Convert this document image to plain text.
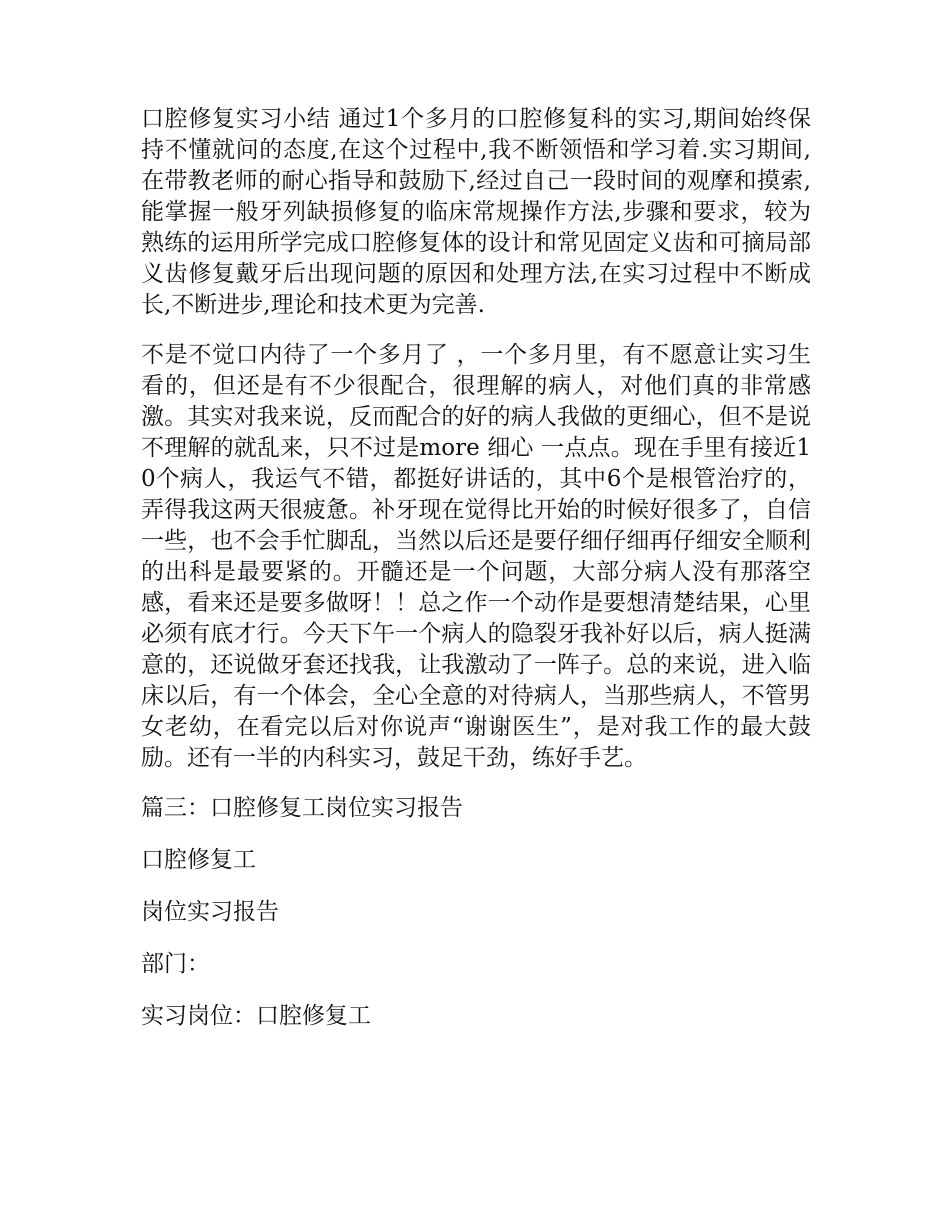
口腔修复实习小结 通过1个多月的口腔修复科的实习,期间始终保持不懂就问的态度,在这个过程中,我不断领悟和学习着.实习期间,在带教老师的耐心指导和鼓励下,经过自己一段时间的观摩和摸索,能掌握一般牙列缺损修复的临床常规操作方法,步骤和要求，较为熟练的运用所学完成口腔修复体的设计和常见固定义齿和可摘局部义齿修复戴牙后出现问题的原因和处理方法,在实习过程中不断成长,不断进步,理论和技术更为完善.

不是不觉口内待了一个多月了 ，一个多月里，有不愿意让实习生看的，但还是有不少很配合，很理解的病人，对他们真的非常感激。其实对我来说，反而配合的好的病人我做的更细心，但不是说不理解的就乱来，只不过是more 细心 一点点。现在手里有接近10个病人，我运气不错，都挺好讲话的，其中6个是根管治疗的，弄得我这两天很疲惫。补牙现在觉得比开始的时候好很多了，自信一些，也不会手忙脚乱，当然以后还是要仔细仔细再仔细安全顺利的出科是最要紧的。开髓还是一个问题，大部分病人没有那落空感，看来还是要多做呀！！总之作一个动作是要想清楚结果，心里必须有底才行。今天下午一个病人的隐裂牙我补好以后，病人挺满意的，还说做牙套还找我，让我激动了一阵子。总的来说，进入临床以后，有一个体会，全心全意的对待病人，当那些病人，不管男女老幼，在看完以后对你说声“谢谢医生”，是对我工作的最大鼓励。还有一半的内科实习，鼓足干劲，练好手艺。

篇三：口腔修复工岗位实习报告

口腔修复工

岗位实习报告

部门：

实习岗位：口腔修复工
